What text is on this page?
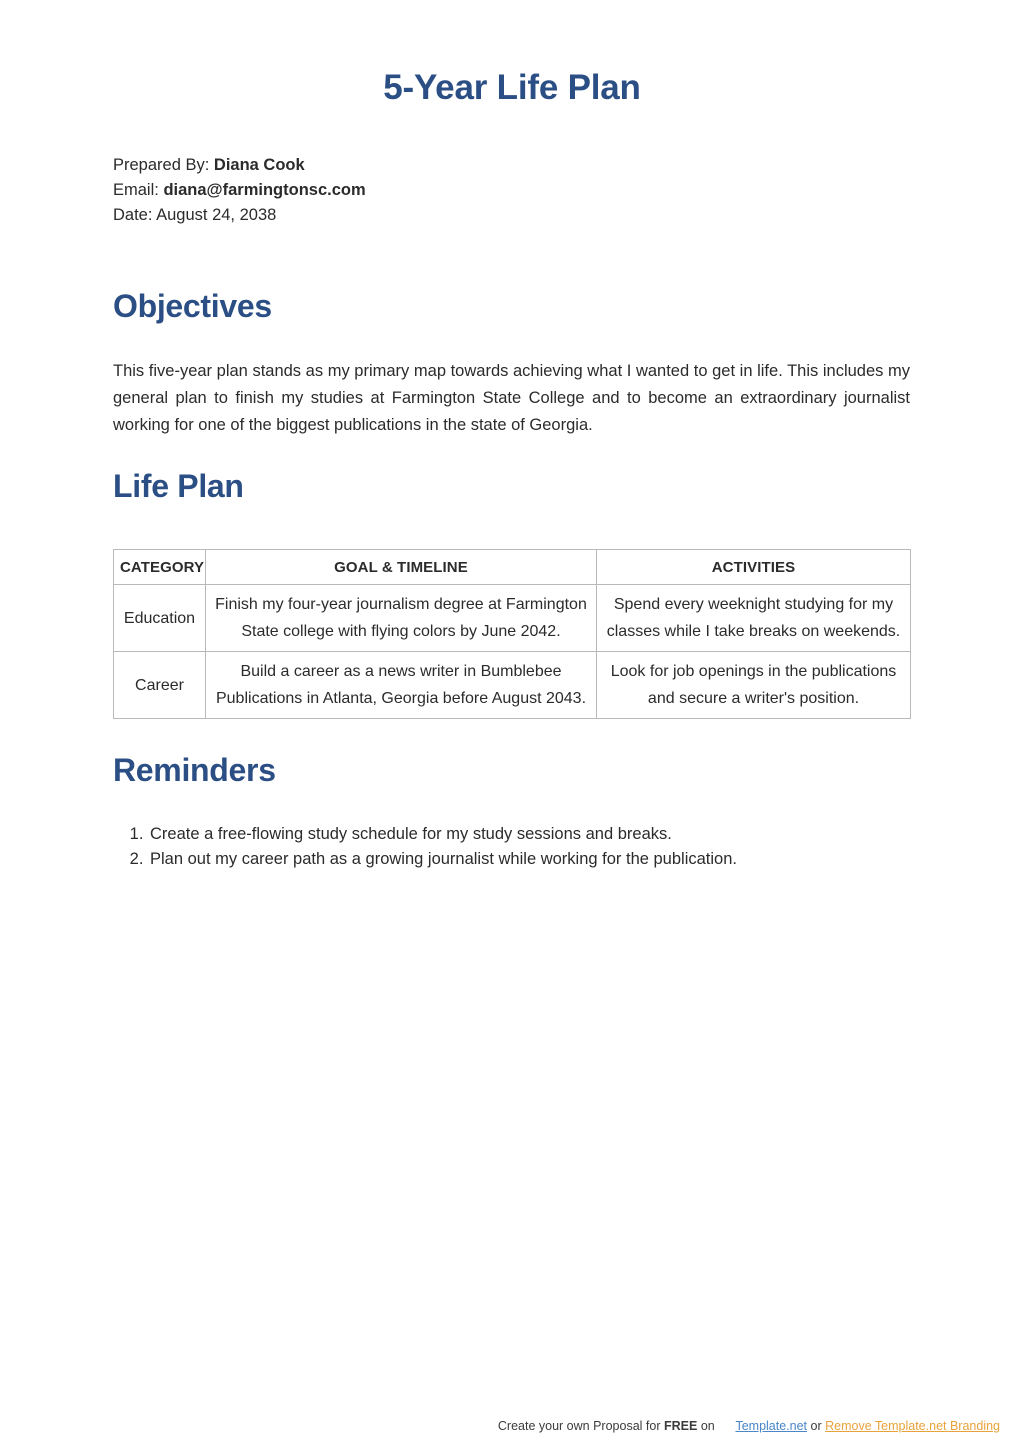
5-Year Life Plan
Prepared By: Diana Cook
Email: diana@farmingtonsc.com
Date: August 24, 2038
Objectives
This five-year plan stands as my primary map towards achieving what I wanted to get in life. This includes my general plan to finish my studies at Farmington State College and to become an extraordinary journalist working for one of the biggest publications in the state of Georgia.
Life Plan
CATEGORY	GOAL & TIMELINE	ACTIVITIES
Education	Finish my four-year journalism degree at Farmington State college with flying colors by June 2042.	Spend every weeknight studying for my classes while I take breaks on weekends.
Career	Build a career as a news writer in Bumblebee Publications in Atlanta, Georgia before August 2043.	Look for job openings in the publications and secure a writer's position.
Reminders
1. Create a free-flowing study schedule for my study sessions and breaks.
2. Plan out my career path as a growing journalist while working for the publication.
Create your own Proposal for FREE on Template.net or Remove Template.net Branding
